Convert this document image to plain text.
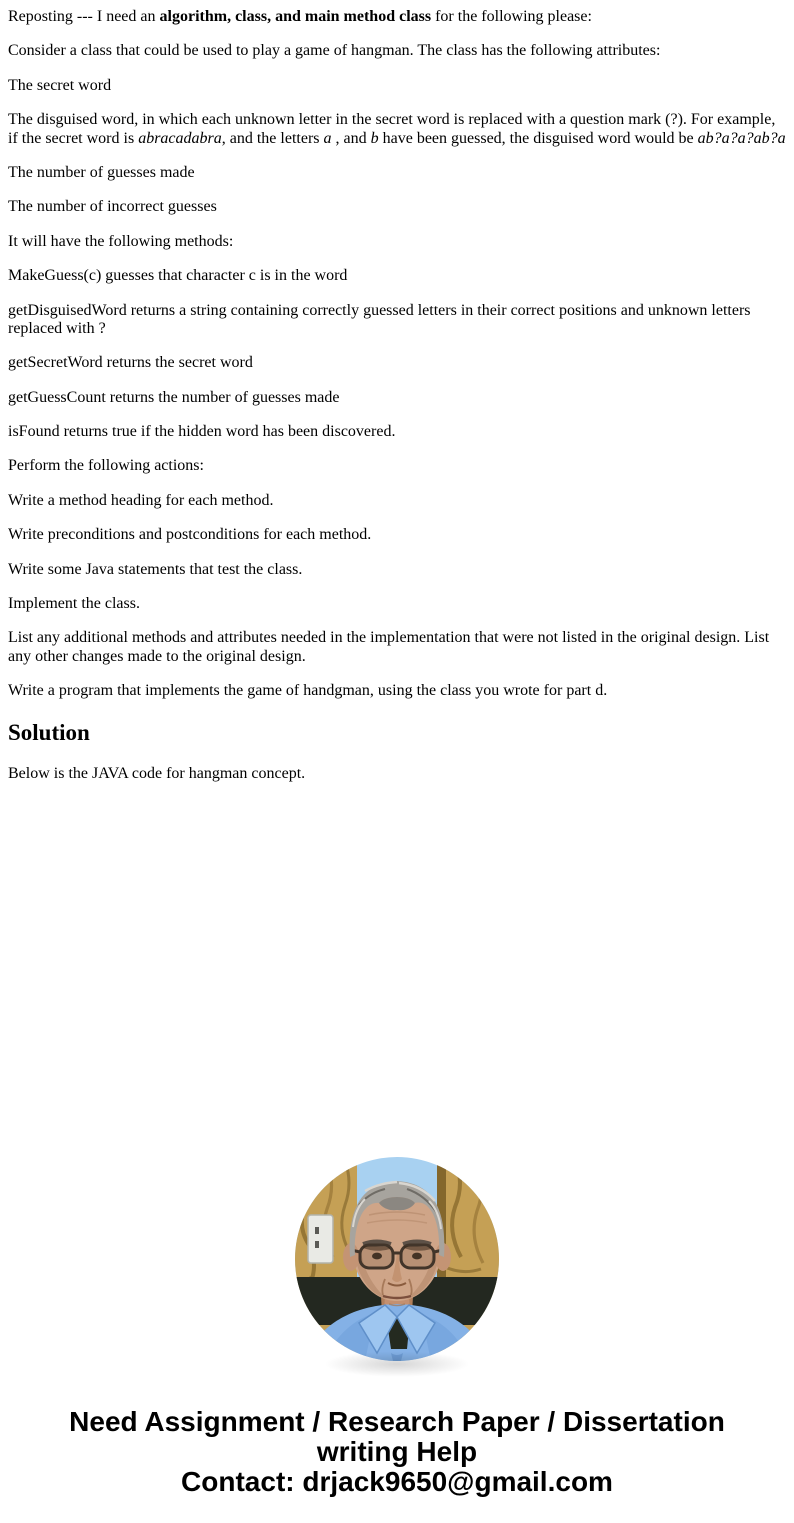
Reposting --- I need an algorithm, class, and main method class for the following please:

Consider a class that could be used to play a game of hangman. The class has the following attributes:

The secret word

The disguised word, in which each unknown letter in the secret word is replaced with a question mark (?). For example, if the secret word is abracadabra, and the letters a , and b have been guessed, the disguised word would be ab?a?a?ab?a

The number of guesses made

The number of incorrect guesses

It will have the following methods:

MakeGuess(c) guesses that character c is in the word

getDisguisedWord returns a string containing correctly guessed letters in their correct positions and unknown letters replaced with ?

getSecretWord returns the secret word

getGuessCount returns the number of guesses made

isFound returns true if the hidden word has been discovered.

Perform the following actions:

Write a method heading for each method.

Write preconditions and postconditions for each method.

Write some Java statements that test the class.

Implement the class.

List any additional methods and attributes needed in the implementation that were not listed in the original design. List any other changes made to the original design.

Write a program that implements the game of handgman, using the class you wrote for part d.

Solution

Below is the JAVA code for hangman concept.

Need Assignment / Research Paper / Dissertation
writing Help
Contact: drjack9650@gmail.com
